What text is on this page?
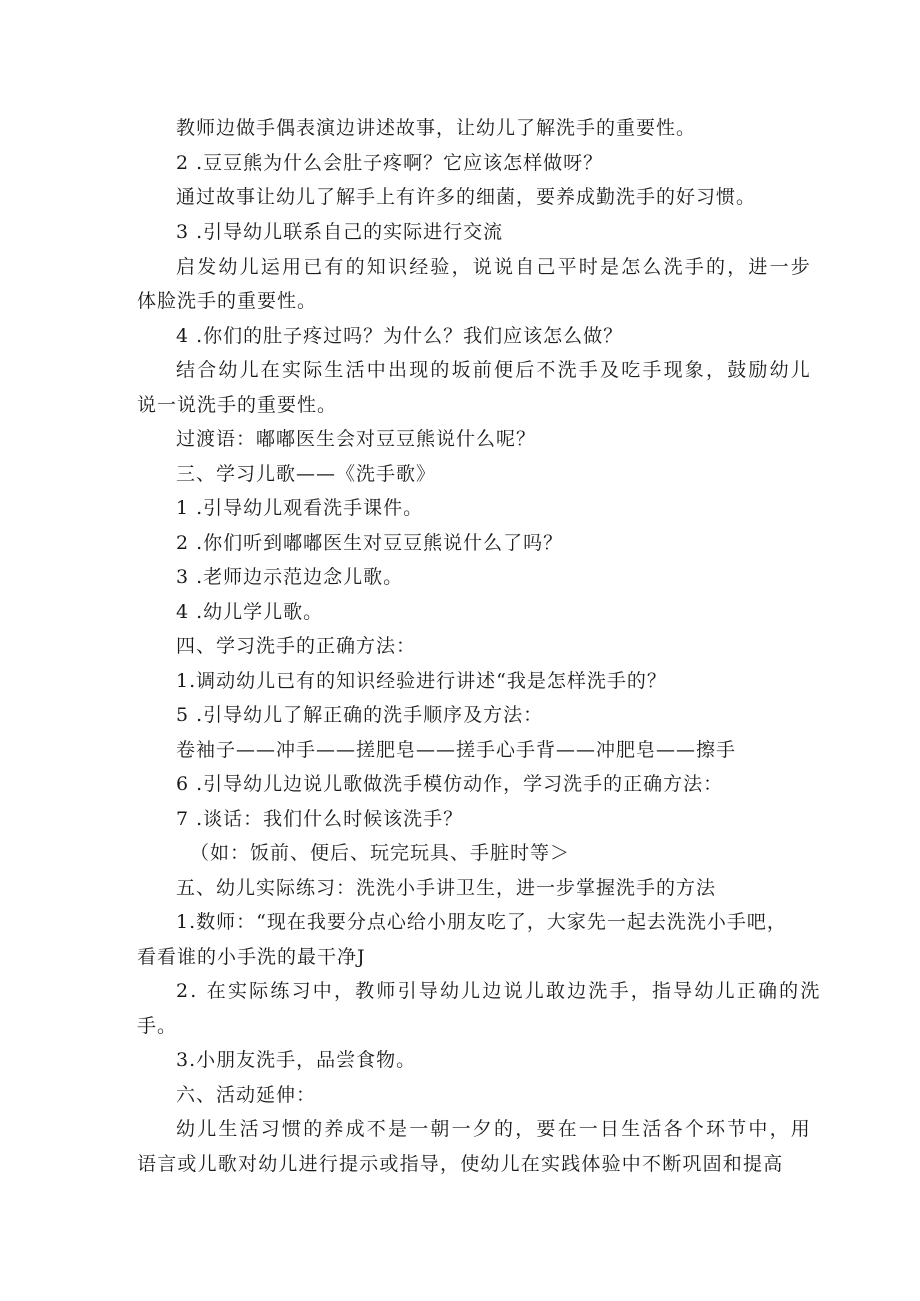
教师边做手偶表演边讲述故事，让幼儿了解洗手的重要性。
2 .豆豆熊为什么会肚子疼啊？它应该怎样做呀？
通过故事让幼儿了解手上有许多的细菌，要养成勤洗手的好习惯。
3 .引导幼儿联系自己的实际进行交流
启发幼儿运用已有的知识经验，说说自己平时是怎么洗手的，进一步
体脸洗手的重要性。
4 .你们的肚子疼过吗？为什么？我们应该怎么做？
结合幼儿在实际生活中出现的坂前便后不洗手及吃手现象，鼓励幼儿
说一说洗手的重要性。
过渡语：嘟嘟医生会对豆豆熊说什么呢？
三、学习儿歌——《洗手歌》
1 .引导幼儿观看洗手课件。
2 .你们听到嘟嘟医生对豆豆熊说什么了吗？
3 .老师边示范边念儿歌。
4 .幼儿学儿歌。
四、学习洗手的正确方法：
1.调动幼儿已有的知识经验进行讲述“我是怎样洗手的？
5 .引导幼儿了解正确的洗手顺序及方法：
卷袖子——冲手——搓肥皂——搓手心手背——冲肥皂——擦手
6 .引导幼儿边说儿歌做洗手模仿动作，学习洗手的正确方法：
7 .谈话：我们什么时候该洗手？
（如：饭前、便后、玩完玩具、手脏时等＞
五、幼儿实际练习：洗洗小手讲卫生，进一步掌握洗手的方法
1.数师：“现在我要分点心给小朋友吃了，大家先一起去洗洗小手吧，
看看谁的小手洗的最干净J
2. 在实际练习中，教师引导幼儿边说儿敢边洗手，指导幼儿正确的洗
手。
3.小朋友洗手，品尝食物。
六、活动延伸：
幼儿生活习惯的养成不是一朝一夕的，要在一日生活各个环节中，用
语言或儿歌对幼儿进行提示或指导，使幼儿在实践体验中不断巩固和提高
